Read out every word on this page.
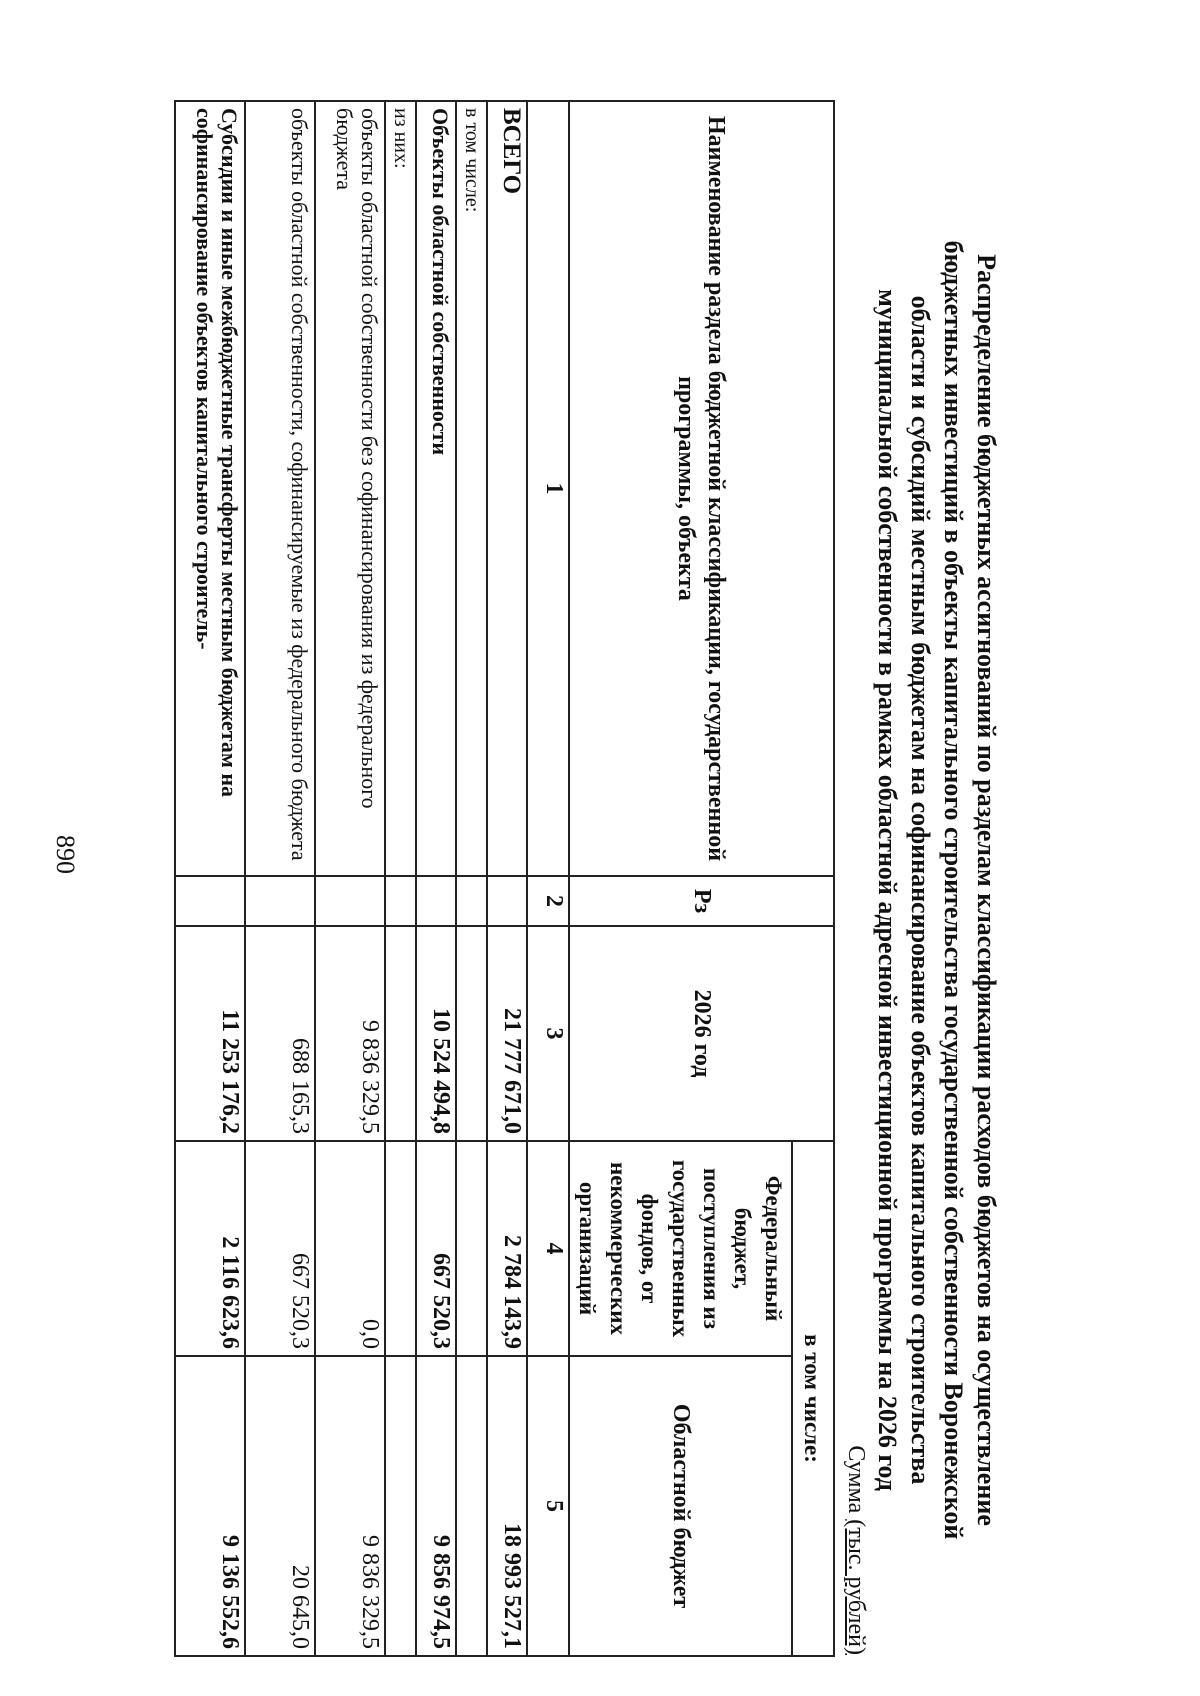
890	Распределение бюджетных ассигнований по разделам классификации расходов бюджетов на осуществление
бюджетных инвестиций в объекты капитального строительства государственной собственности Воронежской
области и субсидий местным бюджетам на софинансирование объектов капитального строительства
муниципальной собственности в рамках областной адресной инвестиционной программы на 2026 год
Сумма (тыс. рублей)
Наименование раздела бюджетной классификации, государственной программы, объекта	Рз	2026 год	в том числе:	
			Федеральный бюджет, поступления из государственных фондов, от некоммерческих организаций	Областной бюджет
1	2	3	4	5
ВСЕГО		21 777 671,0	2 784 143,9	18 993 527,1
в том числе:				
Объекты областной собственности		10 524 494,8	667 520,3	9 856 974,5
из них:				
объекты областной собственности без софинансирования из федерального бюджета		9 836 329,5	0,0	9 836 329,5
объекты областной собственности, софинансируемые из федерального бюджета		688 165,3	667 520,3	20 645,0
Субсидии и иные межбюджетные трансферты местным бюджетам на софинансирование объектов капитального строитель-		11 253 176,2	2 116 623,6	9 136 552,6
